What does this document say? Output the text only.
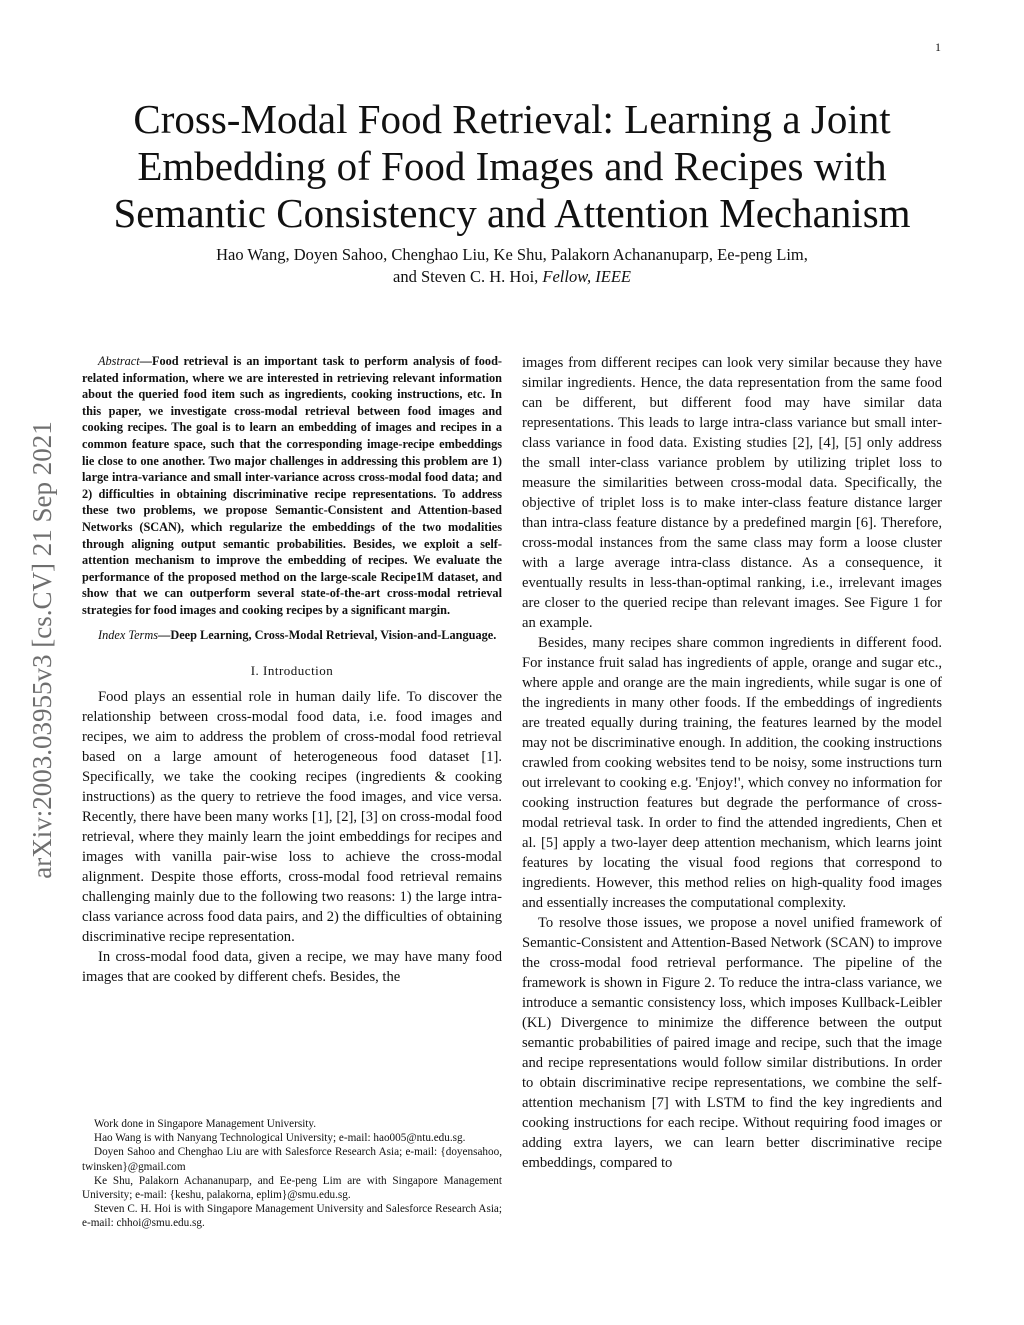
1
arXiv:2003.03955v3 [cs.CV] 21 Sep 2021
Cross-Modal Food Retrieval: Learning a Joint Embedding of Food Images and Recipes with Semantic Consistency and Attention Mechanism
Hao Wang, Doyen Sahoo, Chenghao Liu, Ke Shu, Palakorn Achananuparp, Ee-peng Lim,
and Steven C. H. Hoi, Fellow, IEEE

Abstract—Food retrieval is an important task to perform analysis of food-related information, where we are interested in retrieving relevant information about the queried food item such as ingredients, cooking instructions, etc. In this paper, we investigate cross-modal retrieval between food images and cooking recipes. The goal is to learn an embedding of images and recipes in a common feature space, such that the corresponding image-recipe embeddings lie close to one another. Two major challenges in addressing this problem are 1) large intra-variance and small inter-variance across cross-modal food data; and 2) difficulties in obtaining discriminative recipe representations. To address these two problems, we propose Semantic-Consistent and Attention-based Networks (SCAN), which regularize the embeddings of the two modalities through aligning output semantic probabilities. Besides, we exploit a self-attention mechanism to improve the embedding of recipes. We evaluate the performance of the proposed method on the large-scale Recipe1M dataset, and show that we can outperform several state-of-the-art cross-modal retrieval strategies for food images and cooking recipes by a significant margin.

Index Terms—Deep Learning, Cross-Modal Retrieval, Vision-and-Language.

I. Introduction

Food plays an essential role in human daily life. To discover the relationship between cross-modal food data, i.e. food images and recipes, we aim to address the problem of cross-modal food retrieval based on a large amount of heterogeneous food dataset [1]. Specifically, we take the cooking recipes (ingredients & cooking instructions) as the query to retrieve the food images, and vice versa. Recently, there have been many works [1], [2], [3] on cross-modal food retrieval, where they mainly learn the joint embeddings for recipes and images with vanilla pair-wise loss to achieve the cross-modal alignment. Despite those efforts, cross-modal food retrieval remains challenging mainly due to the following two reasons: 1) the large intra-class variance across food data pairs, and 2) the difficulties of obtaining discriminative recipe representation.

In cross-modal food data, given a recipe, we may have many food images that are cooked by different chefs. Besides, the

Work done in Singapore Management University.

Hao Wang is with Nanyang Technological University; e-mail: hao005@ntu.edu.sg.

Doyen Sahoo and Chenghao Liu are with Salesforce Research Asia; e-mail: {doyensahoo, twinsken}@gmail.com

Ke Shu, Palakorn Achananuparp, and Ee-peng Lim are with Singapore Management University; e-mail: {keshu, palakorna, eplim}@smu.edu.sg.

Steven C. H. Hoi is with Singapore Management University and Salesforce Research Asia; e-mail: chhoi@smu.edu.sg.

images from different recipes can look very similar because they have similar ingredients. Hence, the data representation from the same food can be different, but different food may have similar data representations. This leads to large intra-class variance but small inter-class variance in food data. Existing studies [2], [4], [5] only address the small inter-class variance problem by utilizing triplet loss to measure the similarities between cross-modal data. Specifically, the objective of triplet loss is to make inter-class feature distance larger than intra-class feature distance by a predefined margin [6]. Therefore, cross-modal instances from the same class may form a loose cluster with a large average intra-class distance. As a consequence, it eventually results in less-than-optimal ranking, i.e., irrelevant images are closer to the queried recipe than relevant images. See Figure 1 for an example.

Besides, many recipes share common ingredients in different food. For instance fruit salad has ingredients of apple, orange and sugar etc., where apple and orange are the main ingredients, while sugar is one of the ingredients in many other foods. If the embeddings of ingredients are treated equally during training, the features learned by the model may not be discriminative enough. In addition, the cooking instructions crawled from cooking websites tend to be noisy, some instructions turn out irrelevant to cooking e.g. 'Enjoy!', which convey no information for cooking instruction features but degrade the performance of cross-modal retrieval task. In order to find the attended ingredients, Chen et al. [5] apply a two-layer deep attention mechanism, which learns joint features by locating the visual food regions that correspond to ingredients. However, this method relies on high-quality food images and essentially increases the computational complexity.

To resolve those issues, we propose a novel unified framework of Semantic-Consistent and Attention-Based Network (SCAN) to improve the cross-modal food retrieval performance. The pipeline of the framework is shown in Figure 2. To reduce the intra-class variance, we introduce a semantic consistency loss, which imposes Kullback-Leibler (KL) Divergence to minimize the difference between the output semantic probabilities of paired image and recipe, such that the image and recipe representations would follow similar distributions. In order to obtain discriminative recipe representations, we combine the self-attention mechanism [7] with LSTM to find the key ingredients and cooking instructions for each recipe. Without requiring food images or adding extra layers, we can learn better discriminative recipe embeddings, compared to
